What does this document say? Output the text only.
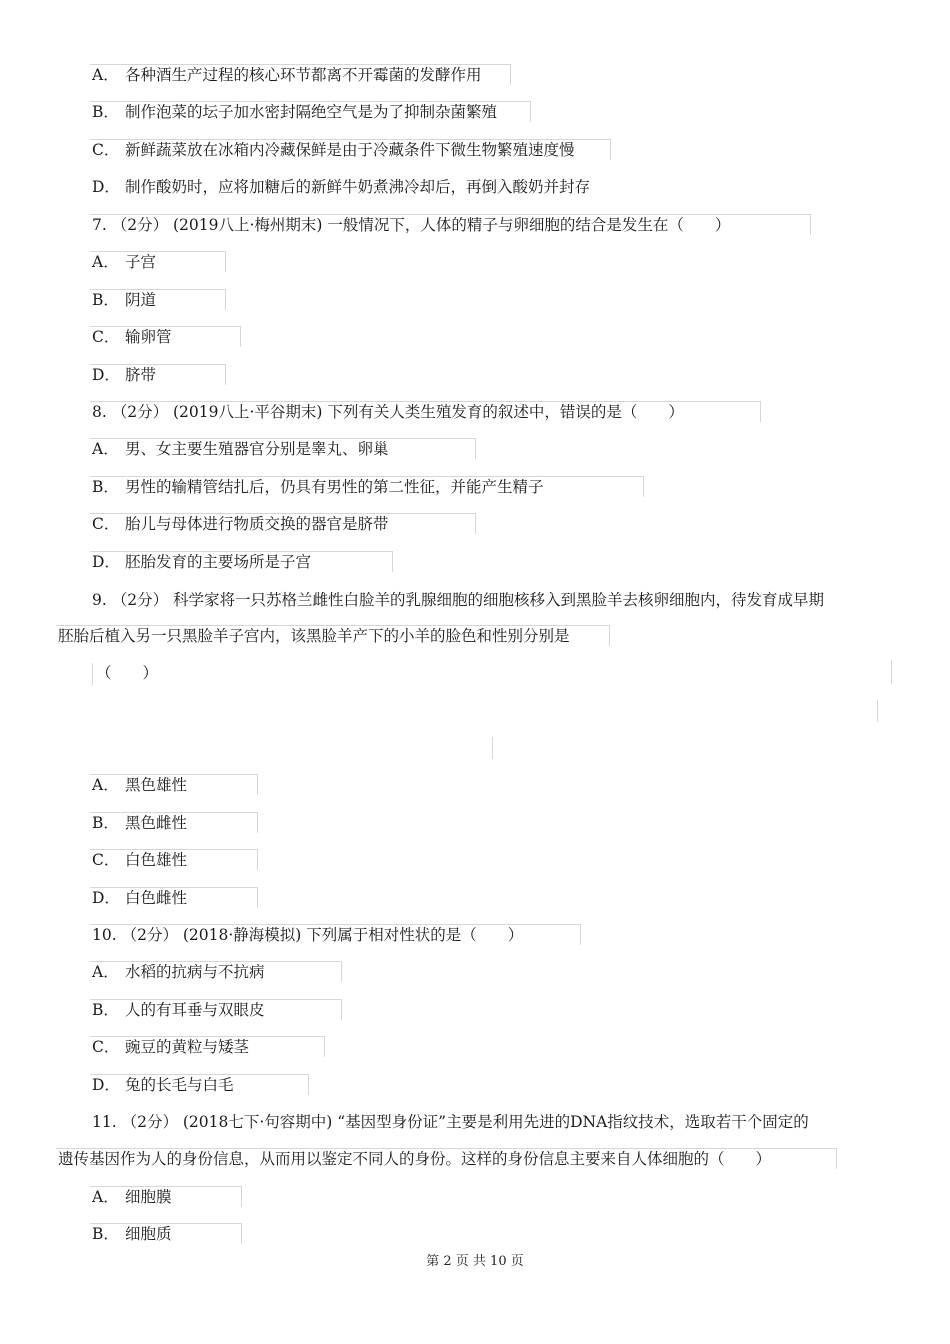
A． 各种酒生产过程的核心环节都离不开霉菌的发酵作用
B． 制作泡菜的坛子加水密封隔绝空气是为了抑制杂菌繁殖
C． 新鲜蔬菜放在冰箱内冷藏保鲜是由于冷藏条件下微生物繁殖速度慢
D． 制作酸奶时，应将加糖后的新鲜牛奶煮沸冷却后，再倒入酸奶并封存
7. （2分） (2019八上·梅州期末) 一般情况下，人体的精子与卵细胞的结合是发生在（　　）
A． 子宫
B． 阴道
C． 输卵管
D． 脐带
8. （2分） (2019八上·平谷期末) 下列有关人类生殖发育的叙述中，错误的是（　　）
A． 男、女主要生殖器官分别是睾丸、卵巢
B． 男性的输精管结扎后，仍具有男性的第二性征，并能产生精子
C． 胎儿与母体进行物质交换的器官是脐带
D． 胚胎发育的主要场所是子宫
9. （2分） 科学家将一只苏格兰雌性白脸羊的乳腺细胞的细胞核移入到黑脸羊去核卵细胞内，待发育成早期
胚胎后植入另一只黑脸羊子宫内，该黑脸羊产下的小羊的脸色和性别分别是
（　　）
A． 黑色雄性
B． 黑色雌性
C． 白色雄性
D． 白色雌性
10. （2分） (2018·静海模拟) 下列属于相对性状的是（　　）
A． 水稻的抗病与不抗病
B． 人的有耳垂与双眼皮
C． 豌豆的黄粒与矮茎
D． 兔的长毛与白毛
11. （2分） (2018七下·句容期中) “基因型身份证”主要是利用先进的DNA指纹技术，选取若干个固定的
遗传基因作为人的身份信息，从而用以鉴定不同人的身份。这样的身份信息主要来自人体细胞的（　　）
A． 细胞膜
B． 细胞质
第 2 页 共 10 页
